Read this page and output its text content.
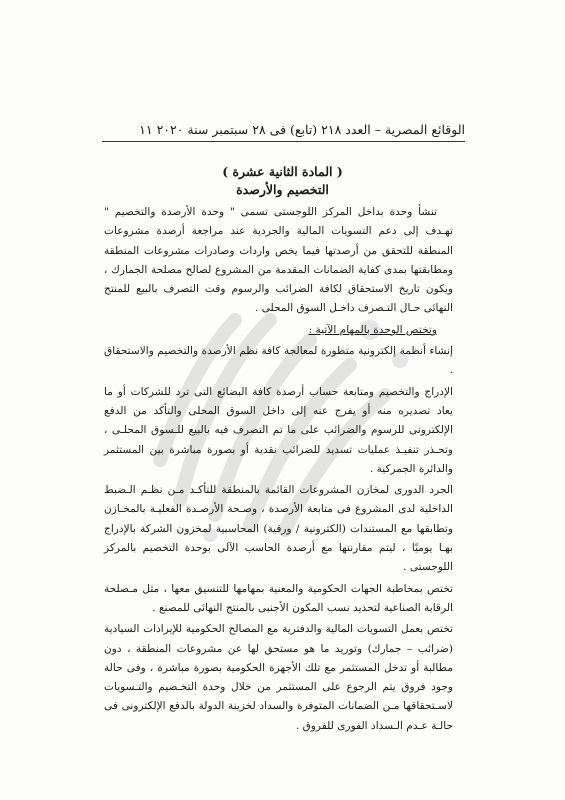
الوقائع المصرية – العدد ٢١٨ (تابع) فى ٢٨ سبتمبر سنة ٢٠٢٠ ١١
( المادة الثانية عشرة )
التخصيم والأرصدة

تنشأ وحدة بداخل المركز اللوجستى تسمى " وحدة الأرصدة والتخصيم " تهـدف إلى دعم التسويات المالية والجردية عند مراجعة أرصدة مشروعات المنطقة للتحقق من أرصدتها فيما يخص واردات وصادرات مشروعات المنطقة ومطابقتها بمدى كفاية الضمانات المقدمة من المشروع لصالح مصلحة الجمارك ، ويكون تاريخ الاستحقاق لكافة الضرائب والرسوم وقت التصرف بالبيع للمنتج النهائى حـال التـصرف داخـل السوق المحلى .

وتختص الوحدة بالمهام الآتية :

إنشاء أنظمة إلكترونية متطورة لمعالجة كافة نظم الأرصدة والتخصيم والاستحقاق .

الإدراج والتخصيم ومتابعة حساب أرصدة كافة البضائع التى ترد للشركات أو ما يعاد تصديره منه أو يفرج عنه إلى داخل السوق المحلى والتأكد من الدفع الإلكترونى للرسوم والضرائب على ما تم التصرف فيه بالبيع للـسوق المحلـى ، وتحـذر تنفيـذ عمليات تسديد للضرائب نقدية أو بصورة مباشرة بين المستثمر والدائرة الجمركية .

الجرد الدورى لمخازن المشروعات القائمة بالمنطقة للتأكـد مـن نظـم الـضبط الداخلية لدى المشروع فى متابعة الأرصدة ، وصـحة الأرصـدة الفعليـة بالمخـازن وتطابقها مع المستندات (الكترونية / ورقية) المحاسبية لمخزون الشركة بالإدراج بهـا يوميًا ، ليتم مقارنتها مع أرصدة الحاسب الآلى بوحدة التخصيم بالمركز اللوجستى .

تختص بمخاطبة الجهات الحكومية والمعنية بمهامها للتنسيق معها ، مثل مـصلحة الرقابة الصناعية لتحديد نسب المكون الأجنبى بالمنتج النهائى للمصنع .

تختص بعمل التسويات المالية والدفترية مع المصالح الحكومية للإيرادات السيادية (ضرائب – جمارك) وتوريد ما هو مستحق لها عن مشروعات المنطقة ، دون مطالبة أو تدخل المستثمر مع تلك الأجهزة الحكومية بصورة مباشرة ، وفى حالة وجود فروق يتم الرجوع على المستثمر من خلال وحدة التخـصيم والتـسويات لاسـتحقاقها مـن الضمانات المتوفرة والسداد لخزينة الدولة بالدفع الإلكترونى فى حالـة عـدم الـسداد الفورى للفروق .
